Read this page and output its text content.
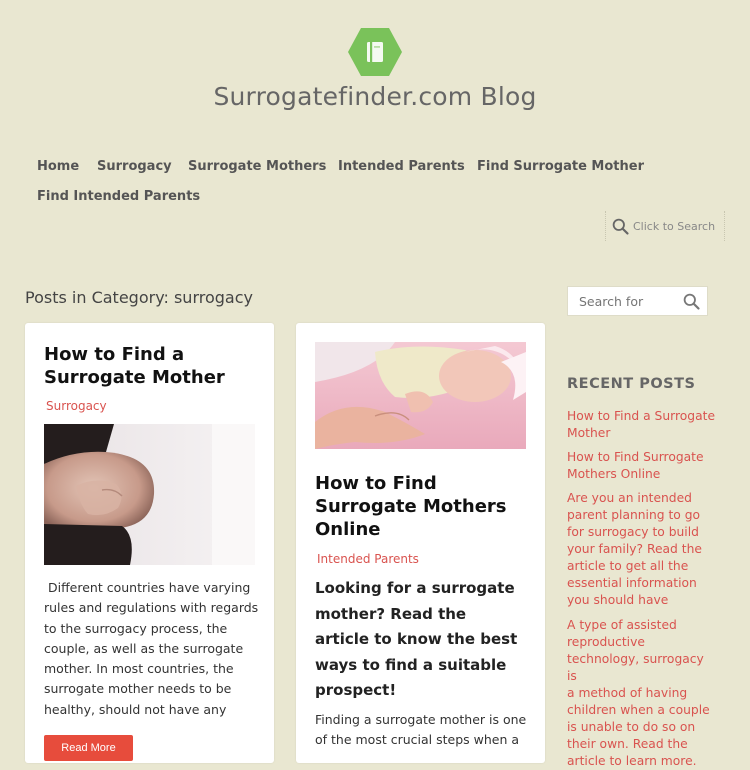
Surrogatefinder.com Blog
Home Surrogacy Surrogate Mothers Intended Parents Find Surrogate Mother
Find Intended Parents
Click to Search
Posts in Category: surrogacy
How to Find a
Surrogate Mother
Surrogacy
Different countries have varying
rules and regulations with regards
to the surrogacy process, the
couple, as well as the surrogate
mother. In most countries, the
surrogate mother needs to be
healthy, should not have any
Read More
How to Find
Surrogate Mothers
Online
Intended Parents
Looking for a surrogate
mother? Read the
article to know the best
ways to find a suitable
prospect!
Finding a surrogate mother is one
of the most crucial steps when a
Search for
RECENT POSTS
How to Find a Surrogate
Mother
How to Find Surrogate
Mothers Online
Are you an intended
parent planning to go
for surrogacy to build
your family? Read the
article to get all the
essential information
you should have
A type of assisted
reproductive
technology, surrogacy is
a method of having
children when a couple
is unable to do so on
their own. Read the
article to learn more.
